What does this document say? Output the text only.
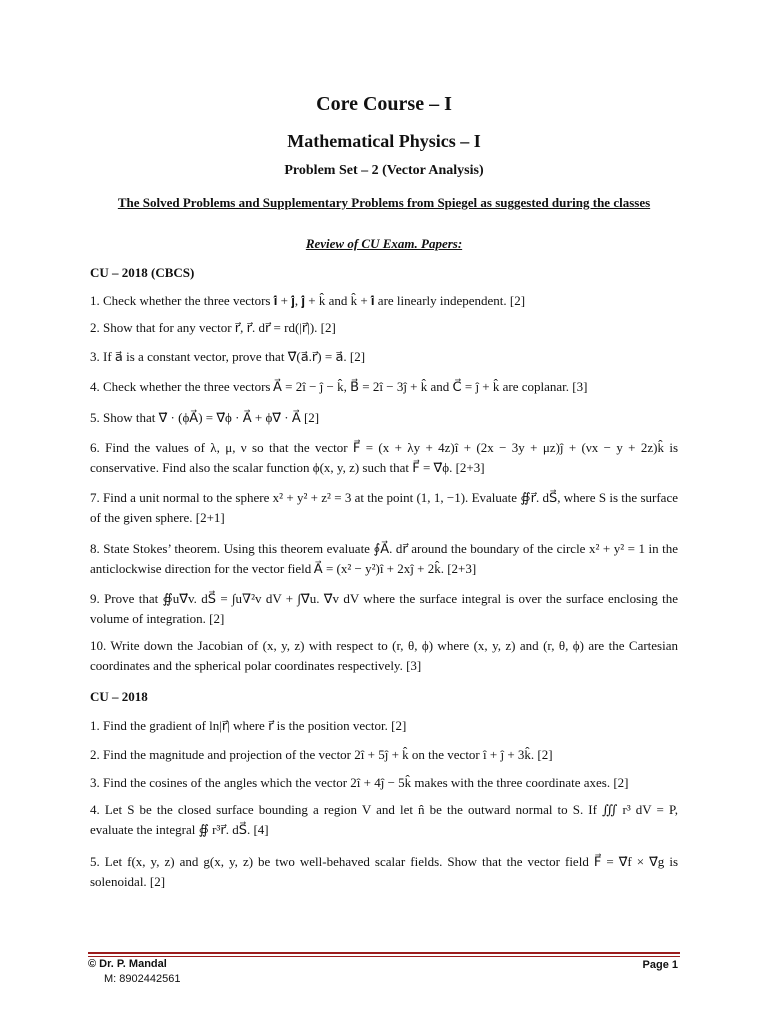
Core Course – I
Mathematical Physics – I
Problem Set – 2 (Vector Analysis)
The Solved Problems and Supplementary Problems from Spiegel as suggested during the classes
Review of CU Exam. Papers:
CU – 2018 (CBCS)
1. Check whether the three vectors 𝐢̂ + 𝐣̂, 𝐣̂ + k̂ and k̂ + 𝐢̂ are linearly independent. [2]
2. Show that for any vector r⃗, r⃗. dr⃗ = rd(|r⃗|). [2]
3. If a⃗ is a constant vector, prove that ∇⃗(a⃗.r⃗) = a⃗. [2]
4. Check whether the three vectors A⃗ = 2î − ĵ − k̂, B⃗ = 2î − 3ĵ + k̂ and C⃗ = ĵ + k̂ are coplanar. [3]
5. Show that ∇⃗ · (ϕA⃗) = ∇⃗ϕ · A⃗ + ϕ∇⃗ · A⃗ [2]
6. Find the values of λ, μ, ν so that the vector F⃗ = (x + λy + 4z)î + (2x − 3y + μz)ĵ + (νx − y + 2z)k̂ is conservative. Find also the scalar function ϕ(x, y, z) such that F⃗ = ∇⃗ϕ. [2+3]
7. Find a unit normal to the sphere x² + y² + z² = 3 at the point (1, 1, −1). Evaluate ∯r⃗. dS⃗, where S is the surface of the given sphere. [2+1]
8. State Stokes’ theorem. Using this theorem evaluate ∮A⃗. dr⃗ around the boundary of the circle x² + y² = 1 in the anticlockwise direction for the vector field A⃗ = (x² − y²)î + 2xĵ + 2k̂. [2+3]
9. Prove that ∯u∇⃗v. dS⃗ = ∫u∇²v dV + ∫∇⃗u. ∇⃗v dV where the surface integral is over the surface enclosing the volume of integration. [2]
10. Write down the Jacobian of (x, y, z) with respect to (r, θ, ϕ) where (x, y, z) and (r, θ, ϕ) are the Cartesian coordinates and the spherical polar coordinates respectively. [3]
CU – 2018
1. Find the gradient of ln|r⃗| where r⃗ is the position vector. [2]
2. Find the magnitude and projection of the vector 2î + 5ĵ + k̂ on the vector î + ĵ + 3k̂. [2]
3. Find the cosines of the angles which the vector 2î + 4ĵ − 5k̂ makes with the three coordinate axes. [2]
4. Let S be the closed surface bounding a region V and let n̂ be the outward normal to S. If ∭ r³ dV = P, evaluate the integral ∯ r³r⃗. dS⃗. [4]
5. Let f(x, y, z) and g(x, y, z) be two well-behaved scalar fields. Show that the vector field F⃗ = ∇⃗f × ∇⃗g is solenoidal. [2]
© Dr. P. Mandal
M: 8902442561
Page 1
